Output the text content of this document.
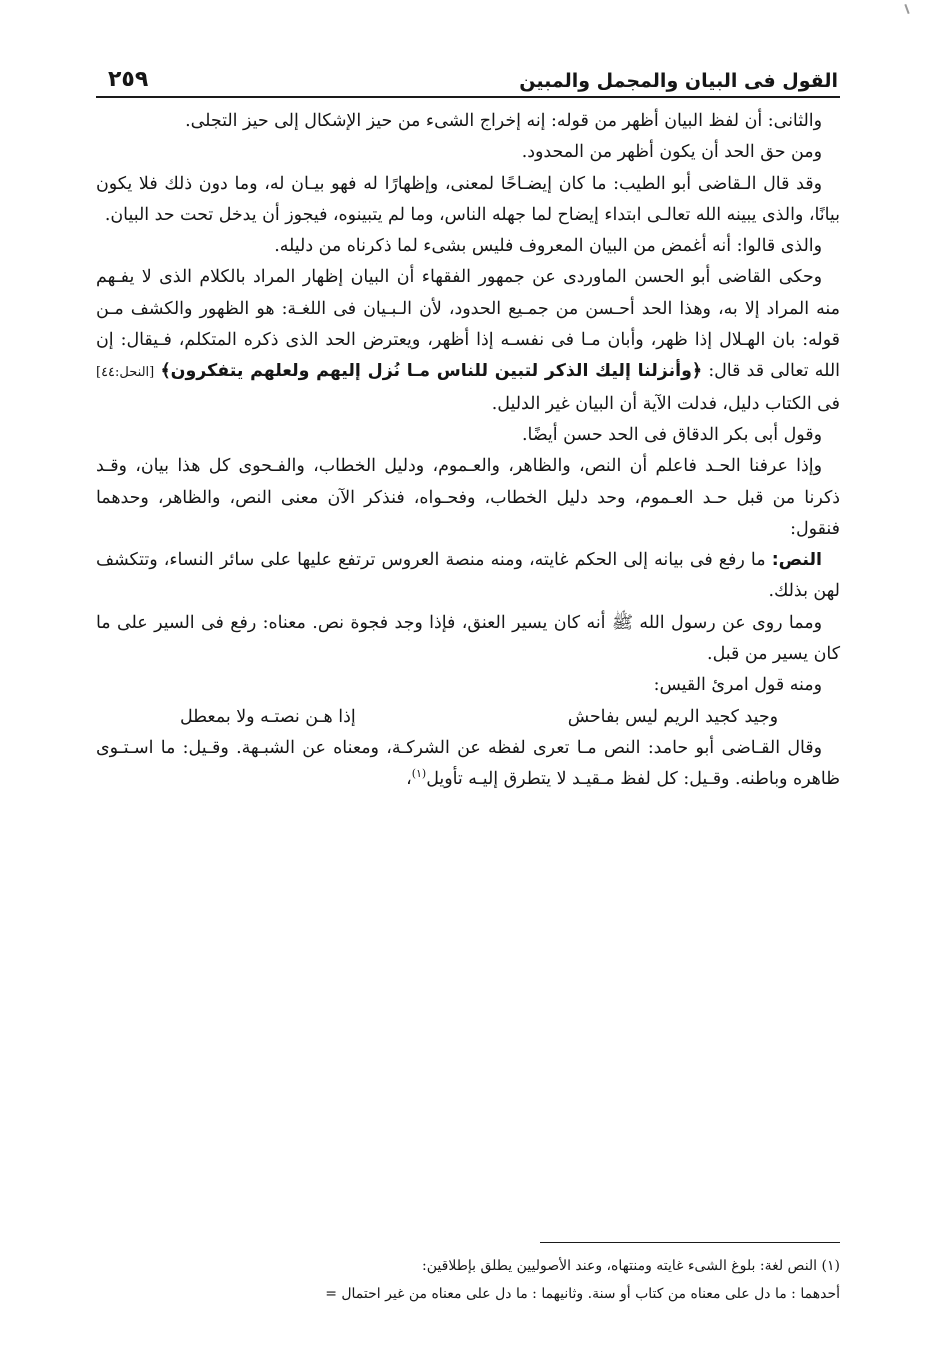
القول فى البيان والمجمل والمبين
٢٥٩

والثانى: أن لفظ البيان أظهر من قوله: إنه إخراج الشىء من حيز الإشكال إلى حيز التجلى.

ومن حق الحد أن يكون أظهر من المحدود.

وقد قال الـقاضى أبو الطيب: ما كان إيضـاحًا لمعنى، وإظهارًا له فهو بيـان له، وما دون ذلك فلا يكون بيانًا، والذى يبينه الله تعالـى ابتداء إيضاح لما جهله الناس، وما لم يتبينوه، فيجوز أن يدخل تحت حد البيان.

والذى قالوا: أنه أغمض من البيان المعروف فليس بشىء لما ذكرناه من دليله.

وحكى القاضى أبو الحسن الماوردى عن جمهور الفقهاء أن البيان إظهار المراد بالكلام الذى لا يفـهم منه المراد إلا به، وهذا الحد أحـسن من جمـيع الحدود، لأن الـبـيان فى اللغـة: هو الظهور والكشف مـن قوله: بان الهـلال إذا ظهر، وأبان مـا فى نفسـه إذا أظهر، ويعترض الحد الذى ذكره المتكلم، فـيقال: إن الله تعالى قد قال: ﴿وأنزلنا إليك الذكر لتبين للناس مـا نُزل إليهم ولعلهم يتفكرون﴾ [النحل:٤٤] فى الكتاب دليل، فدلت الآية أن البيان غير الدليل.

وقول أبى بكر الدقاق فى الحد حسن أيضًا.

وإذا عرفنا الحـد فاعلم أن النص، والظاهر، والعـموم، ودليل الخطاب، والفـحوى كل هذا بيان، وقـد ذكرنا من قبل حـد العـموم، وحد دليل الخطاب، وفحـواه، فنذكر الآن معنى النص، والظاهر، وحدهما فنقول:

النص: ما رفع فى بيانه إلى الحكم غايته، ومنه منصة العروس ترتفع عليها على سائر النساء، وتتكشف لهن بذلك.

ومما روى عن رسول الله ﷺ أنه كان يسير العنق، فإذا وجد فجوة نص. معناه: رفع فى السير على ما كان يسير من قبل.

ومنه قول امرئ القيس:

وجيد كجيد الريم ليس بفاحش
إذا هـن نصتـه ولا بمعطل

وقال القـاضى أبو حامد: النص مـا تعرى لفظه عن الشركـة، ومعناه عن الشبـهة. وقـيل: ما اسـتـوى ظاهره وباطنه. وقـيل: كل لفظ مـقيـد لا يتطرق إليـه تأويل$^{(١)}$،

(١) النص لغة: بلوغ الشىء غايته ومنتهاه، وعند الأصوليين يطلق بإطلاقين:

أحدهما : ما دل على معناه من كتاب أو سنة. وثانيهما : ما دل على معناه من غير احتمال =
